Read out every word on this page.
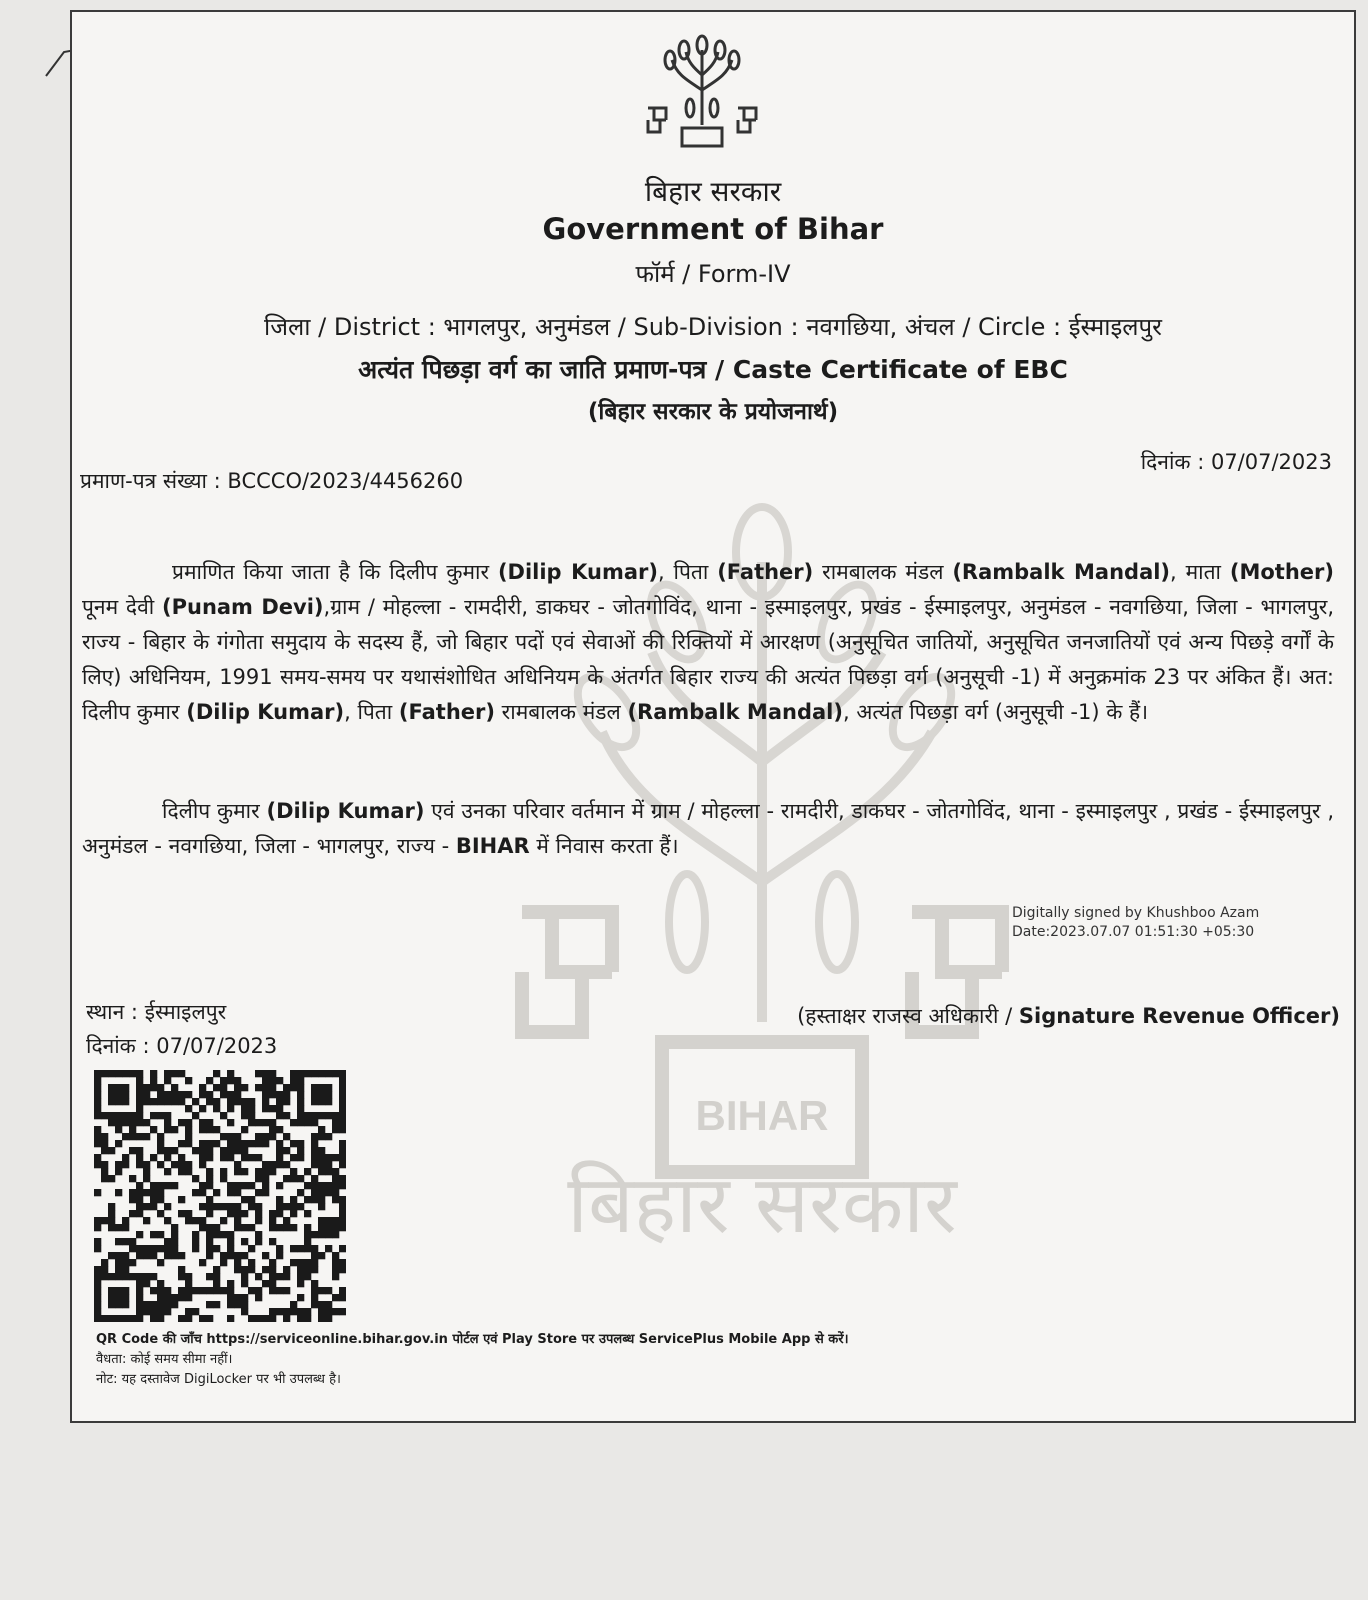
BIHAR
बिहार सरकार
बिहार सरकार
Government of Bihar
फॉर्म / Form-IV
जिला / District : भागलपुर, अनुमंडल / Sub-Division : नवगछिया, अंचल / Circle : ईस्माइलपुर
अत्यंत पिछड़ा वर्ग का जाति प्रमाण-पत्र / Caste Certificate of EBC
(बिहार सरकार के प्रयोजनार्थ)
प्रमाण-पत्र संख्या : BCCCO/2023/4456260
दिनांक : 07/07/2023
प्रमाणित किया जाता है कि दिलीप कुमार (Dilip Kumar), पिता (Father) रामबालक मंडल (Rambalk Mandal), माता (Mother) पूनम देवी (Punam Devi),ग्राम / मोहल्ला - रामदीरी, डाकघर - जोतगोविंद, थाना - इस्माइलपुर, प्रखंड - ईस्माइलपुर, अनुमंडल - नवगछिया, जिला - भागलपुर, राज्य - बिहार के गंगोता समुदाय के सदस्य हैं, जो बिहार पदों एवं सेवाओं की रिक्तियों में आरक्षण (अनुसूचित जातियों, अनुसूचित जनजातियों एवं अन्य पिछड़े वर्गों के लिए) अधिनियम, 1991 समय-समय पर यथासंशोधित अधिनियम के अंतर्गत बिहार राज्य की अत्यंत पिछड़ा वर्ग (अनुसूची -1) में अनुक्रमांक 23 पर अंकित हैं। अत: दिलीप कुमार (Dilip Kumar), पिता (Father) रामबालक मंडल (Rambalk Mandal), अत्यंत पिछड़ा वर्ग (अनुसूची -1) के हैं।
दिलीप कुमार (Dilip Kumar) एवं उनका परिवार वर्तमान में ग्राम / मोहल्ला - रामदीरी, डाकघर - जोतगोविंद, थाना - इस्माइलपुर , प्रखंड - ईस्माइलपुर , अनुमंडल - नवगछिया, जिला - भागलपुर, राज्य - BIHAR में निवास करता हैं।
Digitally signed by Khushboo Azam
Date:2023.07.07 01:51:30 +05:30
(हस्ताक्षर राजस्व अधिकारी / Signature Revenue Officer)
स्थान : ईस्माइलपुर
दिनांक : 07/07/2023
QR Code की जाँच https://serviceonline.bihar.gov.in पोर्टल एवं Play Store पर उपलब्ध ServicePlus Mobile App से करें।
वैधता: कोई समय सीमा नहीं।
नोट: यह दस्तावेज DigiLocker पर भी उपलब्ध है।
